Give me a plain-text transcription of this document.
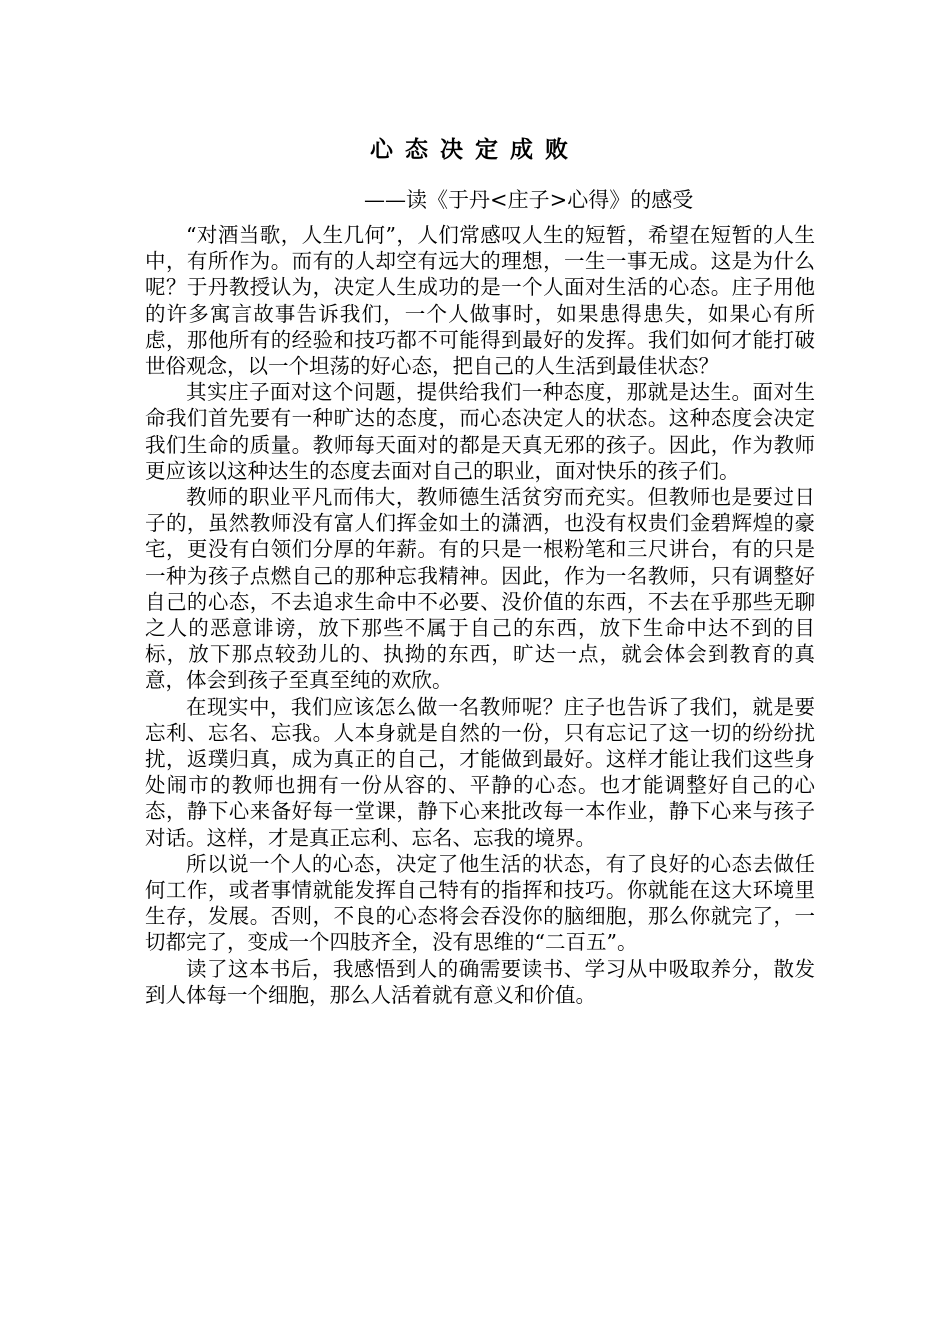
心态决定成败
——读《于丹<庄子>心得》的感受

“对酒当歌，人生几何”，人们常感叹人生的短暂，希望在短暂的人生中，有所作为。而有的人却空有远大的理想，一生一事无成。这是为什么呢？于丹教授认为，决定人生成功的是一个人面对生活的心态。庄子用他的许多寓言故事告诉我们，一个人做事时，如果患得患失，如果心有所虑，那他所有的经验和技巧都不可能得到最好的发挥。我们如何才能打破世俗观念，以一个坦荡的好心态，把自己的人生活到最佳状态？

其实庄子面对这个问题，提供给我们一种态度，那就是达生。面对生命我们首先要有一种旷达的态度，而心态决定人的状态。这种态度会决定我们生命的质量。教师每天面对的都是天真无邪的孩子。因此，作为教师更应该以这种达生的态度去面对自己的职业，面对快乐的孩子们。

教师的职业平凡而伟大，教师德生活贫穷而充实。但教师也是要过日子的，虽然教师没有富人们挥金如土的潇洒，也没有权贵们金碧辉煌的豪宅，更没有白领们分厚的年薪。有的只是一根粉笔和三尺讲台，有的只是一种为孩子点燃自己的那种忘我精神。因此，作为一名教师，只有调整好自己的心态，不去追求生命中不必要、没价值的东西，不去在乎那些无聊之人的恶意诽谤，放下那些不属于自己的东西，放下生命中达不到的目标，放下那点较劲儿的、执拗的东西，旷达一点，就会体会到教育的真意，体会到孩子至真至纯的欢欣。

在现实中，我们应该怎么做一名教师呢？庄子也告诉了我们，就是要忘利、忘名、忘我。人本身就是自然的一份，只有忘记了这一切的纷纷扰扰，返璞归真，成为真正的自己，才能做到最好。这样才能让我们这些身处闹市的教师也拥有一份从容的、平静的心态。也才能调整好自己的心态，静下心来备好每一堂课，静下心来批改每一本作业，静下心来与孩子对话。这样，才是真正忘利、忘名、忘我的境界。

所以说一个人的心态，决定了他生活的状态，有了良好的心态去做任何工作，或者事情就能发挥自己特有的指挥和技巧。你就能在这大环境里生存，发展。否则，不良的心态将会吞没你的脑细胞，那么你就完了，一切都完了，变成一个四肢齐全，没有思维的“二百五”。

读了这本书后，我感悟到人的确需要读书、学习从中吸取养分，散发到人体每一个细胞，那么人活着就有意义和价值。
